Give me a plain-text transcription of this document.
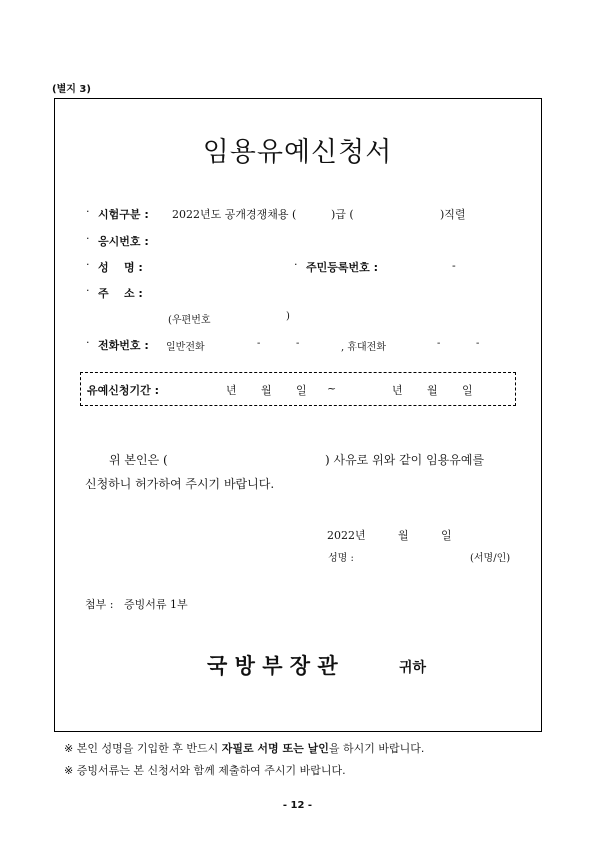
(별지 3)
임용유예신청서
· 시험구분 : 2022년도 공개경쟁채용 (	)급 (	)직렬
· 응시번호 :
· 성    명 :	· 주민등록번호 :	-
· 주    소 :
(우편번호	)
· 전화번호 : 일반전화	-	-	, 휴대전화	-	-
유예신청기간 :	년 월 일 ~	년 월 일
위 본인은 (	) 사유로 위와 같이 임용유예를
신청하니 허가하여 주시기 바랍니다.
2022년	월	일
성명 :	(서명/인)
첨부 :   증빙서류 1부
국 방 부 장 관	귀하
※ 본인 성명을 기입한 후 반드시 자필로 서명 또는 날인을 하시기 바랍니다.
※ 증빙서류는 본 신청서와 함께 제출하여 주시기 바랍니다.
- 12 -
